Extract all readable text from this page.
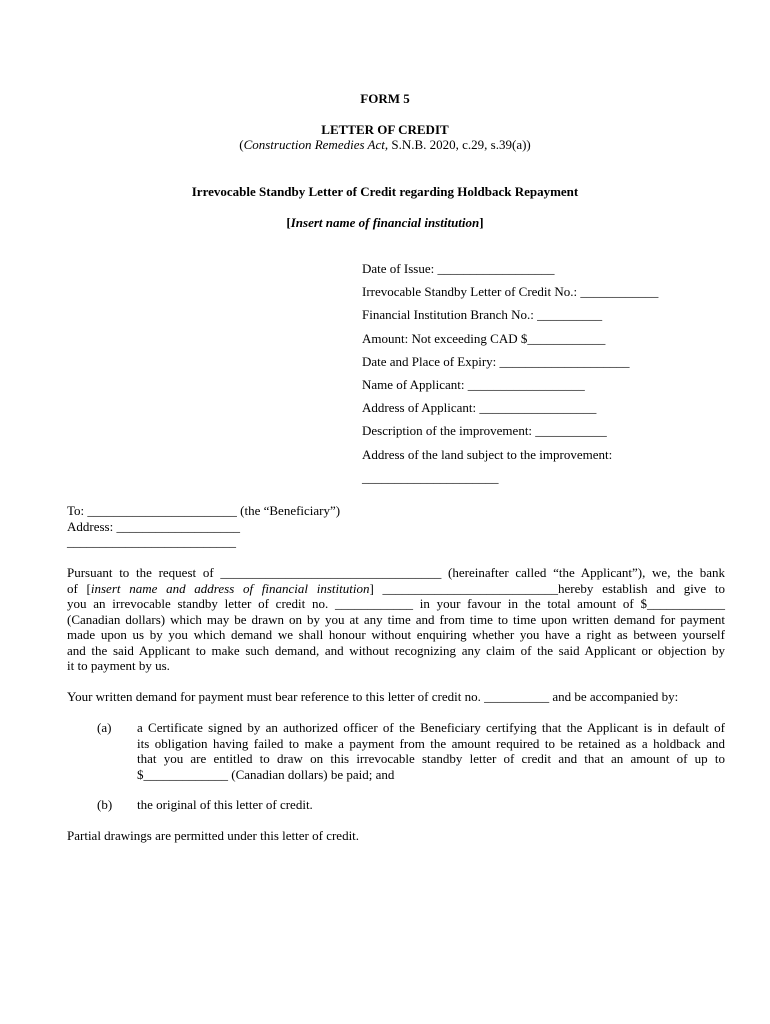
FORM 5
LETTER OF CREDIT
(Construction Remedies Act, S.N.B. 2020, c.29, s.39(a))
Irrevocable Standby Letter of Credit regarding Holdback Repayment
[Insert name of financial institution]
Date of Issue: __________________
Irrevocable Standby Letter of Credit No.: ____________
Financial Institution Branch No.: __________
Amount: Not exceeding CAD $____________
Date and Place of Expiry: ____________________
Name of Applicant: __________________
Address of Applicant: __________________
Description of the improvement: ___________
Address of the land subject to the improvement:
_____________________
To: _______________________ (the “Beneficiary”)
Address: ___________________
__________________________
Pursuant to the request of __________________________________ (hereinafter called “the Applicant”), we, the bank
of [insert name and address of financial institution] ___________________________hereby establish and give to
you an irrevocable standby letter of credit no. ____________ in your favour in the total amount of $____________
(Canadian dollars) which may be drawn on by you at any time and from time to time upon written demand for payment
made upon us by you which demand we shall honour without enquiring whether you have a right as between yourself
and the said Applicant to make such demand, and without recognizing any claim of the said Applicant or objection by
it to payment by us.
Your written demand for payment must bear reference to this letter of credit no. __________ and be accompanied by:
(a) a Certificate signed by an authorized officer of the Beneficiary certifying that the Applicant is in default of
its obligation having failed to make a payment from the amount required to be retained as a holdback and
that you are entitled to draw on this irrevocable standby letter of credit and that an amount of up to
$_____________ (Canadian dollars) be paid; and
(b) the original of this letter of credit.
Partial drawings are permitted under this letter of credit.
